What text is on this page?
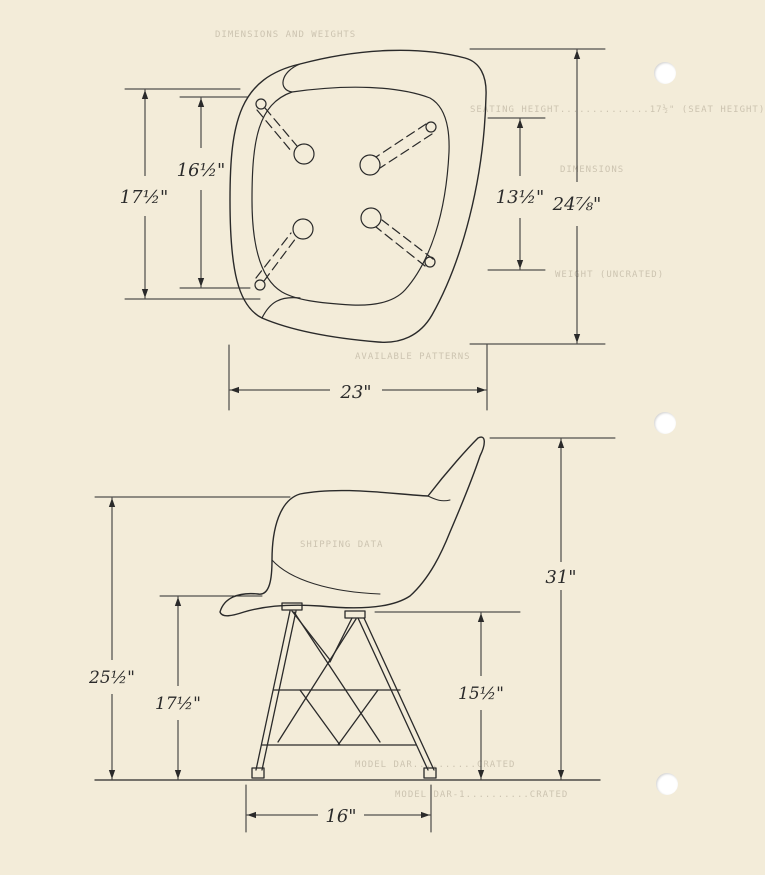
DIMENSIONS AND WEIGHTS
SEATING HEIGHT..............17½" (SEAT HEIGHT)
DIMENSIONS
WEIGHT (UNCRATED)
AVAILABLE PATTERNS
SHIPPING DATA
MODEL DAR..........CRATED
MODEL DAR-1..........CRATED
17½"
16½"
13½" 24⅞"
23"
31"
25½"
17½"	15½"
16"
